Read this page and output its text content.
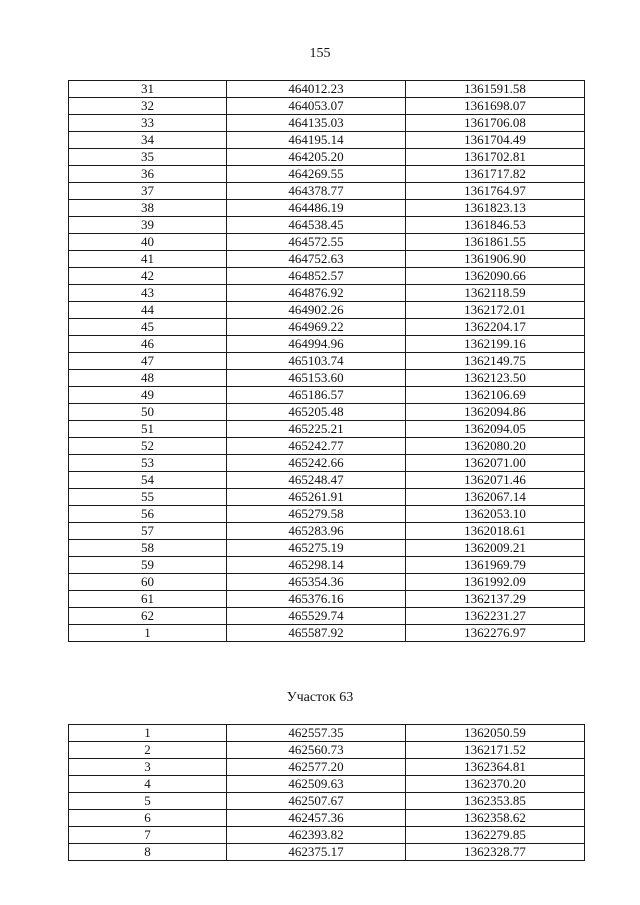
155
31	464012.23	1361591.58
32	464053.07	1361698.07
33	464135.03	1361706.08
34	464195.14	1361704.49
35	464205.20	1361702.81
36	464269.55	1361717.82
37	464378.77	1361764.97
38	464486.19	1361823.13
39	464538.45	1361846.53
40	464572.55	1361861.55
41	464752.63	1361906.90
42	464852.57	1362090.66
43	464876.92	1362118.59
44	464902.26	1362172.01
45	464969.22	1362204.17
46	464994.96	1362199.16
47	465103.74	1362149.75
48	465153.60	1362123.50
49	465186.57	1362106.69
50	465205.48	1362094.86
51	465225.21	1362094.05
52	465242.77	1362080.20
53	465242.66	1362071.00
54	465248.47	1362071.46
55	465261.91	1362067.14
56	465279.58	1362053.10
57	465283.96	1362018.61
58	465275.19	1362009.21
59	465298.14	1361969.79
60	465354.36	1361992.09
61	465376.16	1362137.29
62	465529.74	1362231.27
1	465587.92	1362276.97
Участок 63
1	462557.35	1362050.59
2	462560.73	1362171.52
3	462577.20	1362364.81
4	462509.63	1362370.20
5	462507.67	1362353.85
6	462457.36	1362358.62
7	462393.82	1362279.85
8	462375.17	1362328.77
